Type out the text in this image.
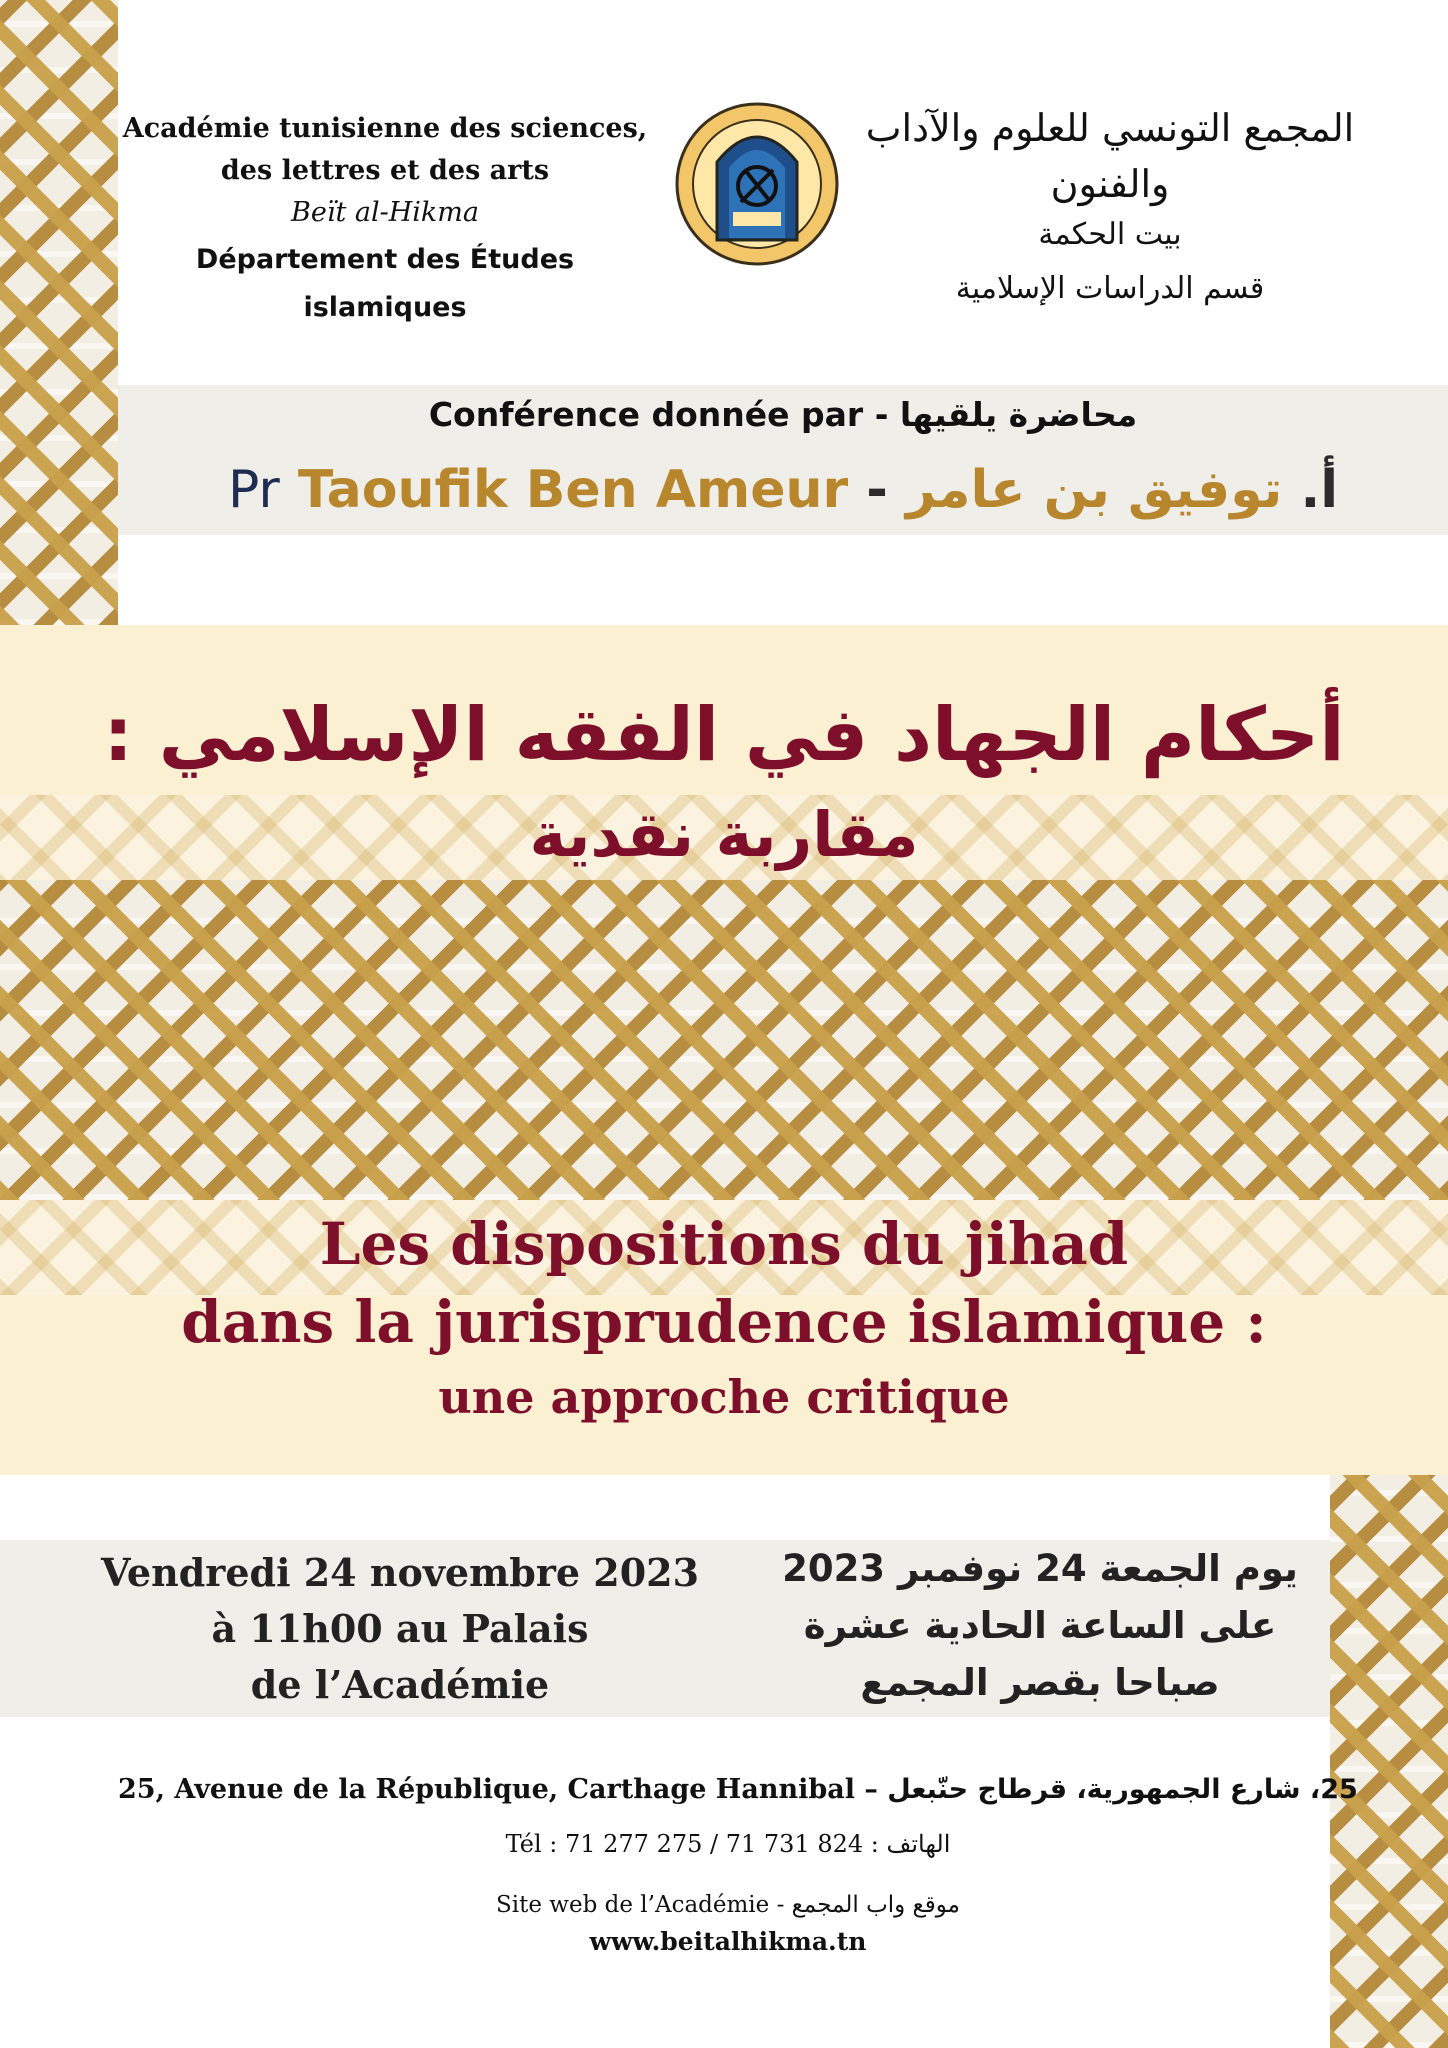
Académie tunisienne des sciences,
des lettres et des arts
Beït al-Hikma
Département des Études islamiques
المجمع التونسي للعلوم والآداب والفنون
بيت الحكمة
قسم الدراسات الإسلامية
Conférence donnée par - محاضرة يلقيها
Pr Taoufik Ben Ameur - توفيق بن عامر .أ
أحكام الجهاد في الفقه الإسلامي :
مقاربة نقدية
Les dispositions du jihad
dans la jurisprudence islamique :
une approche critique
Vendredi 24 novembre 2023
à 11h00 au Palais
de l’Académie
يوم الجمعة 24 نوفمبر 2023
على الساعة الحادية عشرة
صباحا بقصر المجمع
25, Avenue de la République, Carthage Hannibal – 25، شارع الجمهورية، قرطاج حنّبعل
Tél : 71 277 275 / 71 731 824 الهاتف :
Site web de l’Académie - موقع واب المجمع
www.beitalhikma.tn
